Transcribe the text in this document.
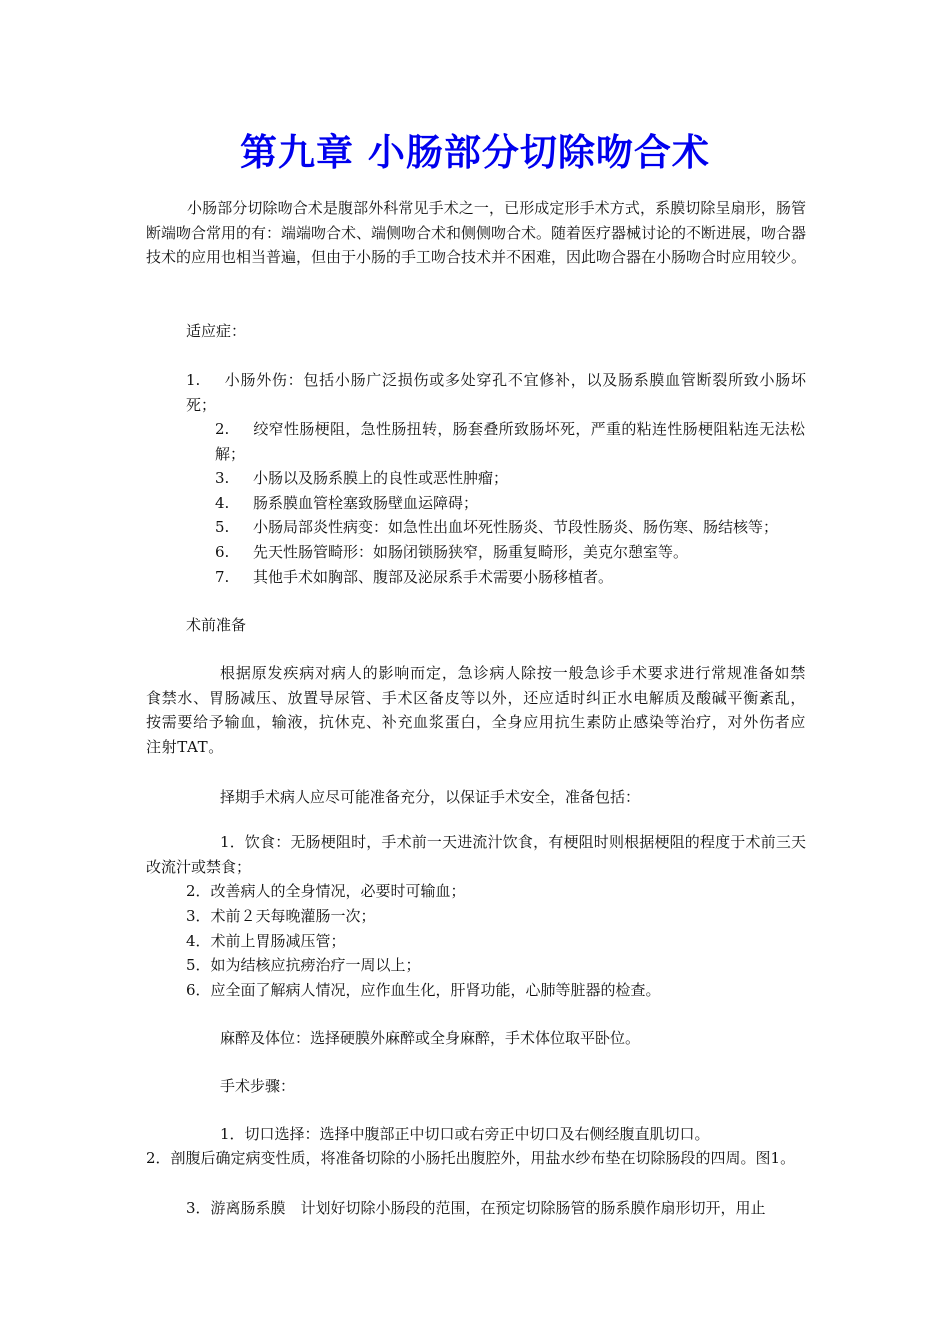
第九章 小肠部分切除吻合术

小肠部分切除吻合术是腹部外科常见手术之一，已形成定形手术方式，系膜切除呈扇形，肠管断端吻合常用的有：端端吻合术、端侧吻合术和侧侧吻合术。随着医疗器械讨论的不断进展，吻合器技术的应用也相当普遍，但由于小肠的手工吻合技术并不困难，因此吻合器在小肠吻合时应用较少。

适应症：

1. 小肠外伤：包括小肠广泛损伤或多处穿孔不宜修补，以及肠系膜血管断裂所致小肠坏死；
2. 绞窄性肠梗阻，急性肠扭转，肠套叠所致肠坏死，严重的粘连性肠梗阻粘连无法松解；
3. 小肠以及肠系膜上的良性或恶性肿瘤；
4. 肠系膜血管栓塞致肠壁血运障碍；
5. 小肠局部炎性病变：如急性出血坏死性肠炎、节段性肠炎、肠伤寒、肠结核等；
6. 先天性肠管畸形：如肠闭锁肠狭窄，肠重复畸形，美克尔憩室等。
7. 其他手术如胸部、腹部及泌尿系手术需要小肠移植者。

术前准备

根据原发疾病对病人的影响而定，急诊病人除按一般急诊手术要求进行常规准备如禁食禁水、胃肠减压、放置导尿管、手术区备皮等以外，还应适时纠正水电解质及酸碱平衡紊乱，按需要给予输血，输液，抗休克、补充血浆蛋白，全身应用抗生素防止感染等治疗，对外伤者应注射TAT。

择期手术病人应尽可能准备充分，以保证手术安全，准备包括：

1．饮食：无肠梗阻时，手术前一天进流汁饮食，有梗阻时则根据梗阻的程度于术前三天改流汁或禁食；

2．改善病人的全身情况，必要时可输血；

3．术前２天每晚灌肠一次；

4．术前上胃肠减压管；

5．如为结核应抗痨治疗一周以上；

6．应全面了解病人情况，应作血生化，肝肾功能，心肺等脏器的检查。

麻醉及体位：选择硬膜外麻醉或全身麻醉，手术体位取平卧位。

手术步骤：

1．切口选择：选择中腹部正中切口或右旁正中切口及右侧经腹直肌切口。

2．剖腹后确定病变性质，将准备切除的小肠托出腹腔外，用盐水纱布垫在切除肠段的四周。图1。

3．游离肠系膜　计划好切除小肠段的范围，在预定切除肠管的肠系膜作扇形切开，用止
